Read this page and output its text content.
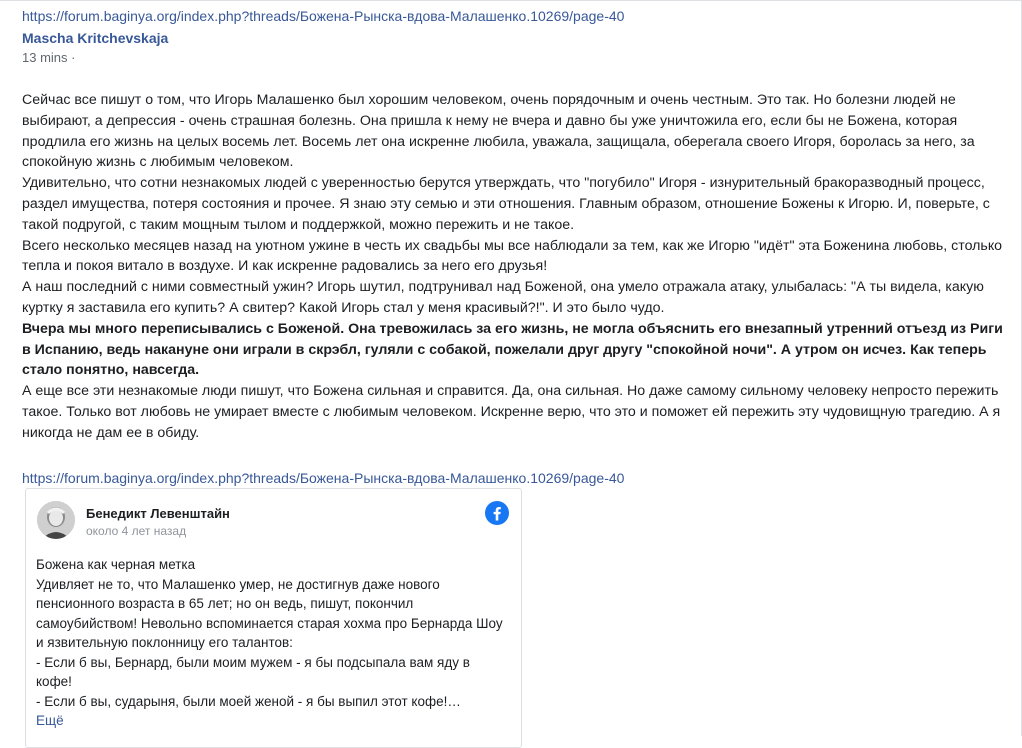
https://forum.baginya.org/index.php?threads/Божена-Рынска-вдова-Малашенко.10269/page-40
Mascha Kritchevskaja
13 mins ·

Сейчас все пишут о том, что Игорь Малашенко был хорошим человеком, очень порядочным и очень честным. Это так. Но болезни людей не выбирают, а депрессия - очень страшная болезнь. Она пришла к нему не вчера и давно бы уже уничтожила его, если бы не Божена, которая продлила его жизнь на целых восемь лет. Восемь лет она искренне любила, уважала, защищала, оберегала своего Игоря, боролась за него, за спокойную жизнь с любимым человеком.

Удивительно, что сотни незнакомых людей с уверенностью берутся утверждать, что "погубило" Игоря - изнурительный бракоразводный процесс, раздел имущества, потеря состояния и прочее. Я знаю эту семью и эти отношения. Главным образом, отношение Божены к Игорю. И, поверьте, с такой подругой, с таким мощным тылом и поддержкой, можно пережить и не такое.

Всего несколько месяцев назад на уютном ужине в честь их свадьбы мы все наблюдали за тем, как же Игорю "идёт" эта Боженина любовь, столько тепла и покоя витало в воздухе. И как искренне радовались за него его друзья!

А наш последний с ними совместный ужин? Игорь шутил, подтрунивал над Боженой, она умело отражала атаку, улыбалась: "А ты видела, какую куртку я заставила его купить? А свитер? Какой Игорь стал у меня красивый?!". И это было чудо.

Вчера мы много переписывались с Боженой. Она тревожилась за его жизнь, не могла объяснить его внезапный утренний отъезд из Риги в Испанию, ведь накануне они играли в скрэбл, гуляли с собакой, пожелали друг другу "спокойной ночи". А утром он исчез. Как теперь стало понятно, навсегда.

А еще все эти незнакомые люди пишут, что Божена сильная и справится. Да, она сильная. Но даже самому сильному человеку непросто пережить такое. Только вот любовь не умирает вместе с любимым человеком. Искренне верю, что это и поможет ей пережить эту чудовищную трагедию. А я никогда не дам ее в обиду.

https://forum.baginya.org/index.php?threads/Божена-Рынска-вдова-Малашенко.10269/page-40
Бенедикт Левенштайн
около 4 лет назад
Божена как черная метка
Удивляет не то, что Малашенко умер, не достигнув даже нового пенсионного возраста в 65 лет; но он ведь, пишут, покончил самоубийством! Невольно вспоминается старая хохма про Бернарда Шоу и язвительную поклонницу его талантов:
- Если б вы, Бернард, были моим мужем - я бы подсыпала вам яду в кофе!
- Если б вы, сударыня, были моей женой - я бы выпил этот кофе!…
Ещё
